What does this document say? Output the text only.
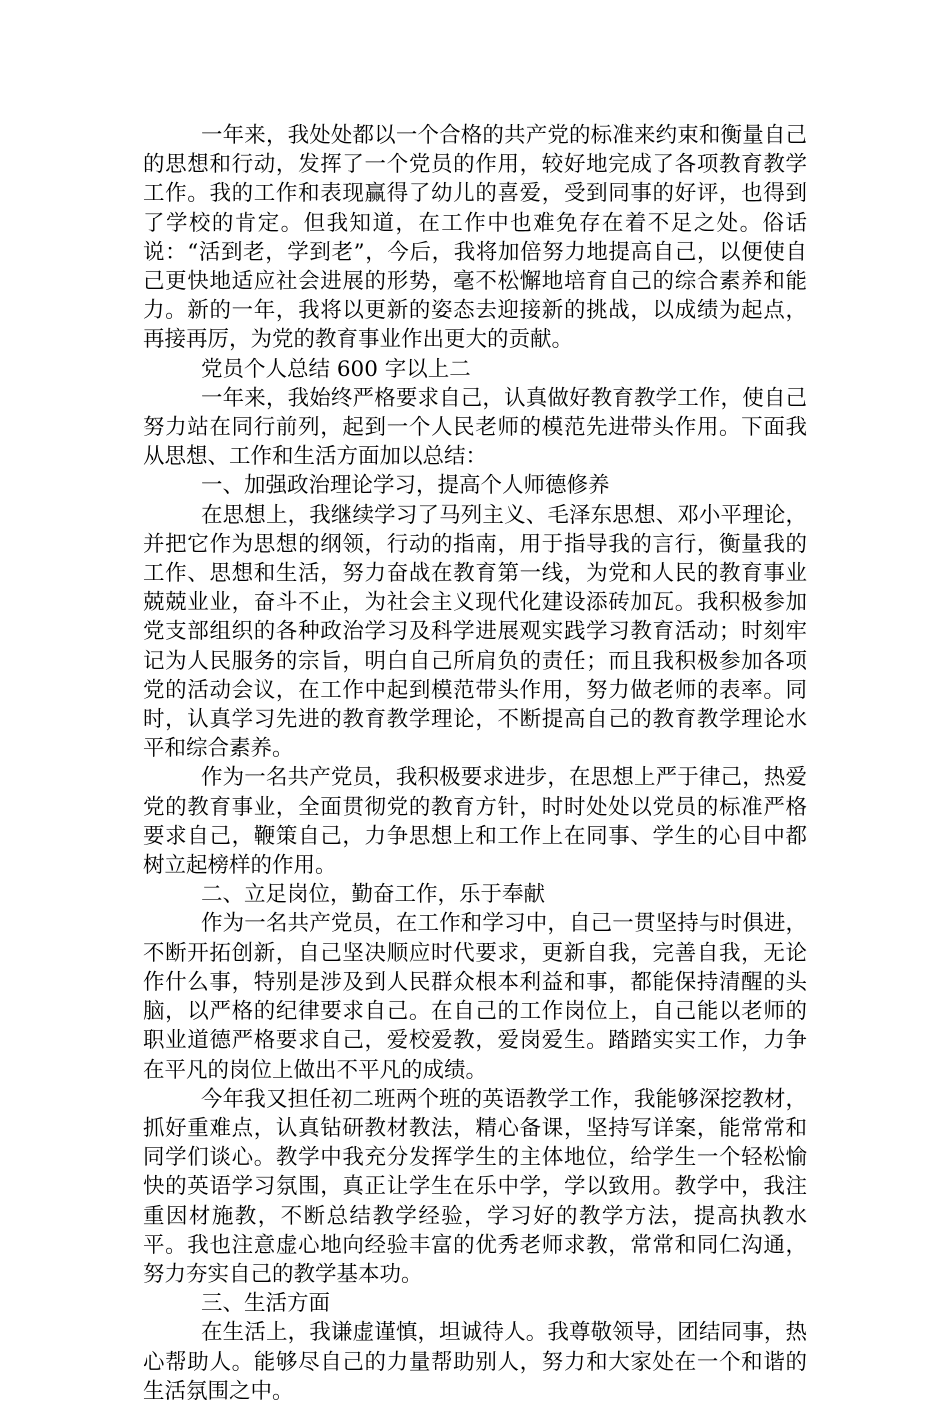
一年来，我处处都以一个合格的共产党的标准来约束和衡量自己的思想和行动，发挥了一个党员的作用，较好地完成了各项教育教学工作。我的工作和表现赢得了幼儿的喜爱，受到同事的好评，也得到了学校的肯定。但我知道，在工作中也难免存在着不足之处。俗话说：“活到老，学到老”，今后，我将加倍努力地提高自己，以便使自己更快地适应社会进展的形势，毫不松懈地培育自己的综合素养和能力。新的一年，我将以更新的姿态去迎接新的挑战，以成绩为起点，再接再厉，为党的教育事业作出更大的贡献。

党员个人总结 600 字以上二

一年来，我始终严格要求自己，认真做好教育教学工作，使自己努力站在同行前列，起到一个人民老师的模范先进带头作用。下面我从思想、工作和生活方面加以总结：

一、加强政治理论学习，提高个人师德修养

在思想上，我继续学习了马列主义、毛泽东思想、邓小平理论，并把它作为思想的纲领，行动的指南，用于指导我的言行，衡量我的工作、思想和生活，努力奋战在教育第一线，为党和人民的教育事业兢兢业业，奋斗不止，为社会主义现代化建设添砖加瓦。我积极参加党支部组织的各种政治学习及科学进展观实践学习教育活动；时刻牢记为人民服务的宗旨，明白自己所肩负的责任；而且我积极参加各项党的活动会议，在工作中起到模范带头作用，努力做老师的表率。同时，认真学习先进的教育教学理论，不断提高自己的教育教学理论水平和综合素养。

作为一名共产党员，我积极要求进步，在思想上严于律己，热爱党的教育事业，全面贯彻党的教育方针，时时处处以党员的标准严格要求自己，鞭策自己，力争思想上和工作上在同事、学生的心目中都树立起榜样的作用。

二、立足岗位，勤奋工作，乐于奉献

作为一名共产党员，在工作和学习中，自己一贯坚持与时俱进，不断开拓创新，自己坚决顺应时代要求，更新自我，完善自我，无论作什么事，特别是涉及到人民群众根本利益和事，都能保持清醒的头脑，以严格的纪律要求自己。在自己的工作岗位上，自己能以老师的职业道德严格要求自己，爱校爱教，爱岗爱生。踏踏实实工作，力争在平凡的岗位上做出不平凡的成绩。

今年我又担任初二班两个班的英语教学工作，我能够深挖教材，抓好重难点，认真钻研教材教法，精心备课，坚持写详案，能常常和同学们谈心。教学中我充分发挥学生的主体地位，给学生一个轻松愉快的英语学习氛围，真正让学生在乐中学，学以致用。教学中，我注重因材施教，不断总结教学经验，学习好的教学方法，提高执教水平。我也注意虚心地向经验丰富的优秀老师求教，常常和同仁沟通，努力夯实自己的教学基本功。

三、生活方面

在生活上，我谦虚谨慎，坦诚待人。我尊敬领导，团结同事，热心帮助人。能够尽自己的力量帮助别人，努力和大家处在一个和谐的生活氛围之中。
